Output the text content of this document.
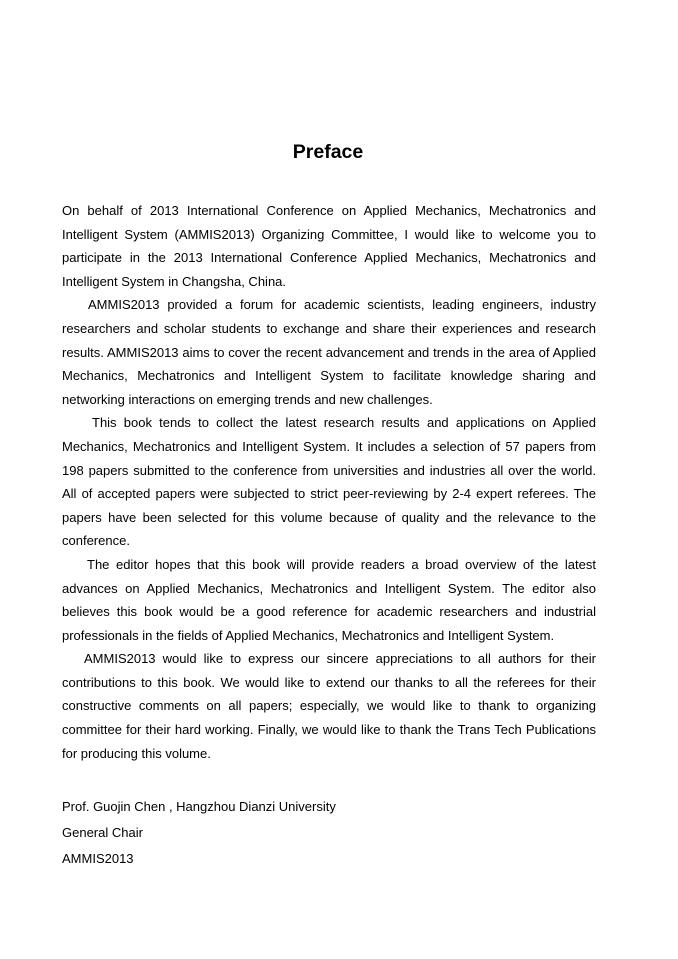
Preface

On behalf of 2013 International Conference on Applied Mechanics, Mechatronics and Intelligent System (AMMIS2013) Organizing Committee, I would like to welcome you to participate in the 2013 International Conference Applied Mechanics, Mechatronics and Intelligent System in Changsha, China.

AMMIS2013 provided a forum for academic scientists, leading engineers, industry researchers and scholar students to exchange and share their experiences and research results. AMMIS2013 aims to cover the recent advancement and trends in the area of Applied Mechanics, Mechatronics and Intelligent System to facilitate knowledge sharing and networking interactions on emerging trends and new challenges.

This book tends to collect the latest research results and applications on Applied Mechanics, Mechatronics and Intelligent System. It includes a selection of 57 papers from 198 papers submitted to the conference from universities and industries all over the world. All of accepted papers were subjected to strict peer-reviewing by 2-4 expert referees. The papers have been selected for this volume because of quality and the relevance to the conference.

The editor hopes that this book will provide readers a broad overview of the latest advances on Applied Mechanics, Mechatronics and Intelligent System. The editor also believes this book would be a good reference for academic researchers and industrial professionals in the fields of Applied Mechanics, Mechatronics and Intelligent System.

AMMIS2013 would like to express our sincere appreciations to all authors for their contributions to this book. We would like to extend our thanks to all the referees for their constructive comments on all papers; especially, we would like to thank to organizing committee for their hard working. Finally, we would like to thank the Trans Tech Publications for producing this volume.

Prof. Guojin Chen , Hangzhou Dianzi University
General Chair
AMMIS2013
